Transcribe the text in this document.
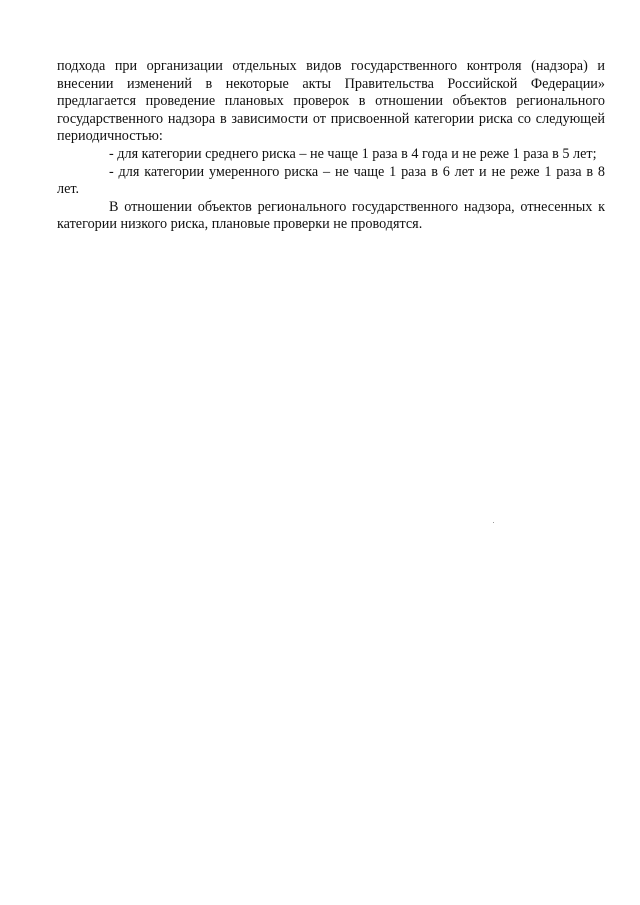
подхода при организации отдельных видов государственного контроля (надзора) и внесении изменений в некоторые акты Правительства Российской Федерации» предлагается проведение плановых проверок в отношении объектов регионального государственного надзора в зависимости от присвоенной категории риска со следующей периодичностью:

- для категории среднего риска – не чаще 1 раза в 4 года и не реже 1 раза в 5 лет;

- для категории умеренного риска – не чаще 1 раза в 6 лет и не реже 1 раза в 8 лет.

В отношении объектов регионального государственного надзора, отнесенных к категории низкого риска, плановые проверки не проводятся.
